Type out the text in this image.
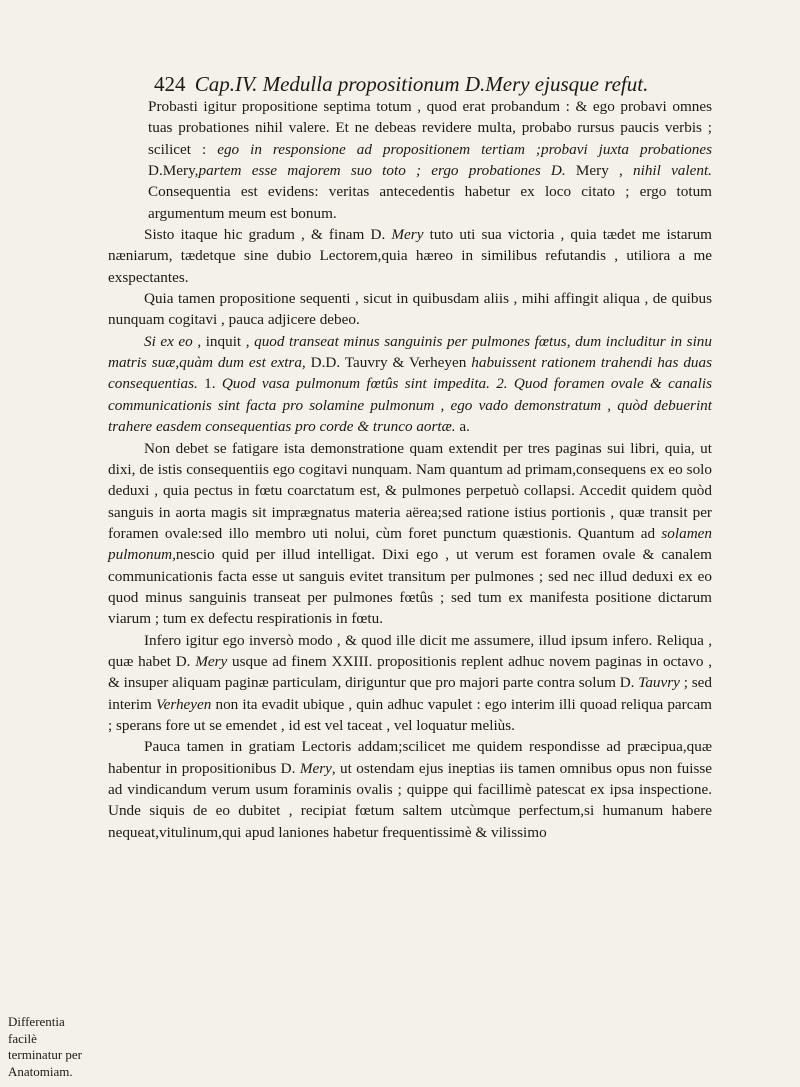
424 Cap.IV. Medulla propositionum D.Mery ejusque refut.

Probasti igitur propositione septima totum , quod erat probandum : & ego probavi omnes tuas probationes nihil valere. Et ne debeas revidere multa, probabo rursus paucis verbis ; scilicet : ego in responsione ad propositionem tertiam ;probavi juxta probationes D.Mery,partem esse majorem suo toto ; ergo probationes D. Mery , nihil valent. Consequentia est evidens: veritas antecedentis habetur ex loco citato ; ergo totum argumentum meum est bonum.

Sisto itaque hic gradum , & finam D. Mery tuto uti sua victoria , quia tædet me istarum næniarum, tædetque sine dubio Lectorem,quia hæreo in similibus refutandis , utiliora a me exspectantes.

Quia tamen propositione sequenti , sicut in quibusdam aliis , mihi affingit aliqua , de quibus nunquam cogitavi , pauca adjicere debeo.

Si ex eo , inquit , quod transeat minus sanguinis per pulmones fœtus, dum includitur in sinu matris suæ,quàm dum est extra, D.D. Tauvry & Verheyen habuissent rationem trahendi has duas consequentias. 1. Quod vasa pulmonum fœtûs sint impedita. 2. Quod foramen ovale & canalis communicationis sint facta pro solamine pulmonum , ego vado demonstratum , quòd debuerint trahere easdem consequentias pro corde & trunco aortæ. a.

Non debet se fatigare ista demonstratione quam extendit per tres paginas sui libri, quia, ut dixi, de istis consequentiis ego cogitavi nunquam. Nam quantum ad primam,consequens ex eo solo deduxi , quia pectus in fœtu coarctatum est, & pulmones perpetuò collapsi. Accedit quidem quòd sanguis in aorta magis sit imprægnatus materia aërea;sed ratione istius portionis , quæ transit per foramen ovale:sed illo membro uti nolui, cùm foret punctum quæstionis. Quantum ad solamen pulmonum,nescio quid per illud intelligat. Dixi ego , ut verum est foramen ovale & canalem communicationis facta esse ut sanguis evitet transitum per pulmones ; sed nec illud deduxi ex eo quod minus sanguinis transeat per pulmones fœtûs ; sed tum ex manifesta positione dictarum viarum ; tum ex defectu respirationis in fœtu.

Infero igitur ego inversò modo , & quod ille dicit me assumere, illud ipsum infero. Reliqua , quæ habet D. Mery usque ad finem XXIII. propositionis replent adhuc novem paginas in octavo , & insuper aliquam paginæ particulam, diriguntur que pro majori parte contra solum D. Tauvry ; sed interim Verheyen non ita evadit ubique , quin adhuc vapulet : ego interim illi quoad reliqua parcam ; sperans fore ut se emendet , id est vel taceat , vel loquatur meliùs.

Pauca tamen in gratiam Lectoris addam;scilicet me quidem respondisse ad præcipua,quæ habentur in propositionibus D. Mery, ut ostendam ejus ineptias iis tamen omnibus opus non fuisse ad vindicandum verum usum foraminis ovalis ; quippe qui facillimè patescat ex ipsa inspectione. Unde siquis de eo dubitet , recipiat fœtum saltem utcùmque perfectum,si humanum habere nequeat,vitulinum,qui apud laniones habetur frequentissimè & vilissimo

Differentia facilè terminatur per Anatomiam.
